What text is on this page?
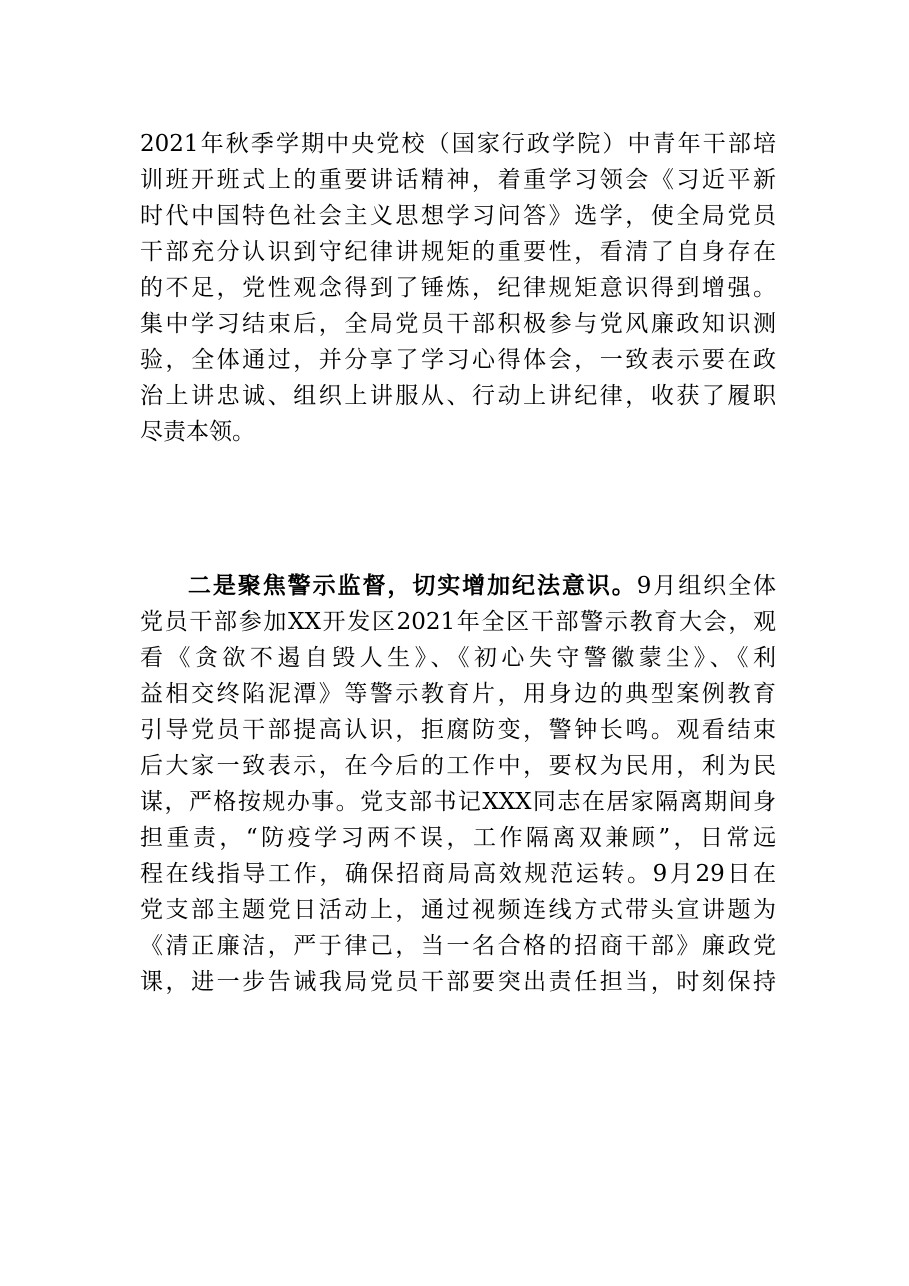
2021年秋季学期中央党校（国家行政学院）中青年干部培
训班开班式上的重要讲话精神，着重学习领会《习近平新
时代中国特色社会主义思想学习问答》选学，使全局党员
干部充分认识到守纪律讲规矩的重要性，看清了自身存在
的不足，党性观念得到了锤炼，纪律规矩意识得到增强。
集中学习结束后，全局党员干部积极参与党风廉政知识测
验，全体通过，并分享了学习心得体会，一致表示要在政
治上讲忠诚、组织上讲服从、行动上讲纪律，收获了履职
尽责本领。
二是聚焦警示监督，切实增加纪法意识。9月组织全体
党员干部参加XX开发区2021年全区干部警示教育大会，观
看《贪欲不遏自毁人生》、《初心失守警徽蒙尘》、《利
益相交终陷泥潭》等警示教育片，用身边的典型案例教育
引导党员干部提高认识，拒腐防变，警钟长鸣。观看结束
后大家一致表示，在今后的工作中，要权为民用，利为民
谋，严格按规办事。党支部书记XXX同志在居家隔离期间身
担重责，“防疫学习两不误，工作隔离双兼顾”，日常远
程在线指导工作，确保招商局高效规范运转。9月29日在
党支部主题党日活动上，通过视频连线方式带头宣讲题为
《清正廉洁，严于律己，当一名合格的招商干部》廉政党
课，进一步告诫我局党员干部要突出责任担当，时刻保持
